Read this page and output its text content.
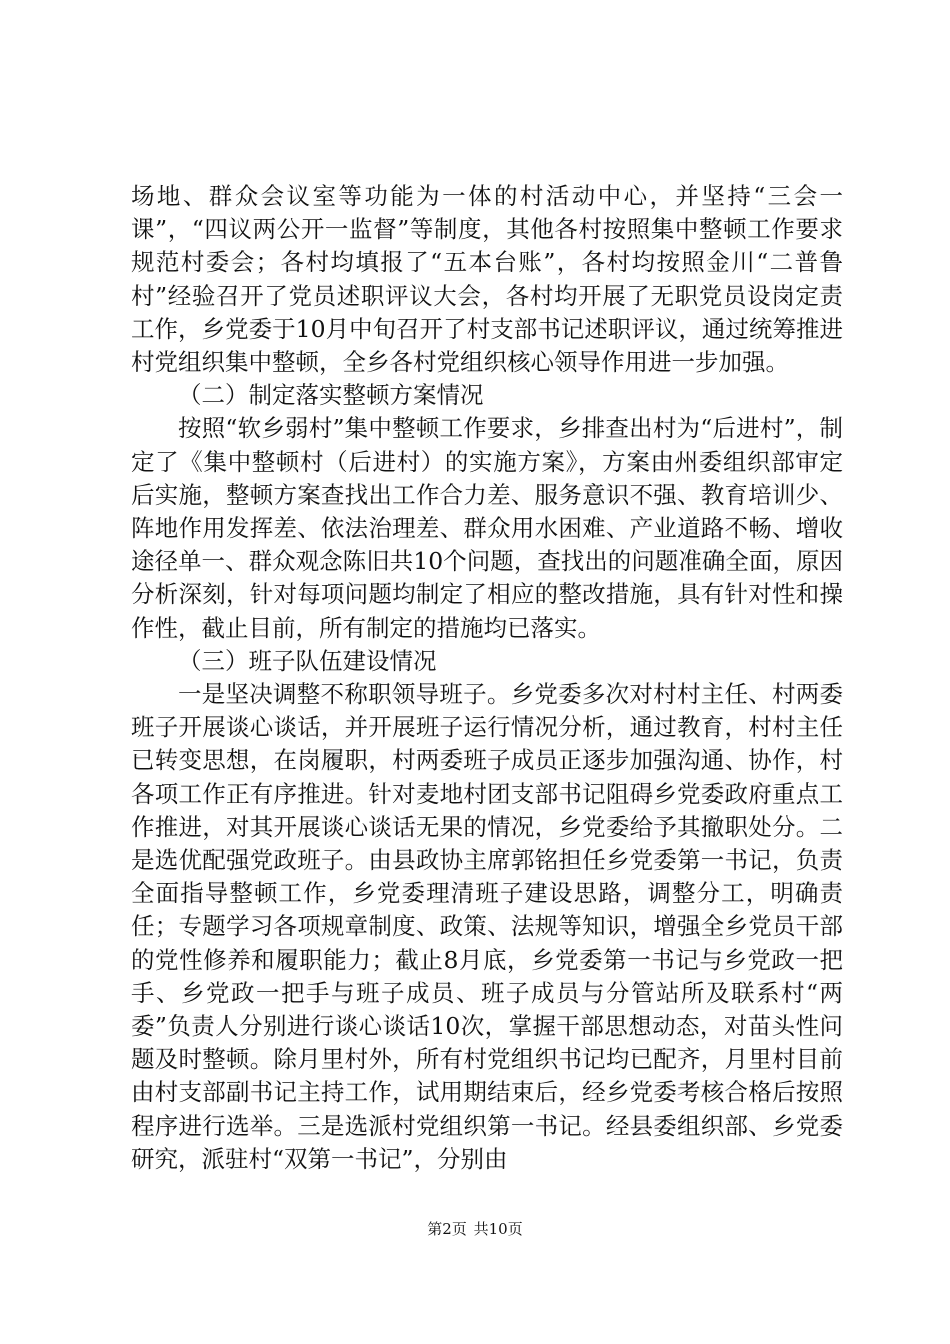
场地、群众会议室等功能为一体的村活动中心，并坚持“三会一课”，“四议两公开一监督”等制度，其他各村按照集中整顿工作要求规范村委会；各村均填报了“五本台账”，各村均按照金川“二普鲁村”经验召开了党员述职评议大会，各村均开展了无职党员设岗定责工作，乡党委于10月中旬召开了村支部书记述职评议，通过统筹推进村党组织集中整顿，全乡各村党组织核心领导作用进一步加强。

（二）制定落实整顿方案情况

按照“软乡弱村”集中整顿工作要求，乡排查出村为“后进村”，制定了《集中整顿村（后进村）的实施方案》，方案由州委组织部审定后实施，整顿方案查找出工作合力差、服务意识不强、教育培训少、阵地作用发挥差、依法治理差、群众用水困难、产业道路不畅、增收途径单一、群众观念陈旧共10个问题，查找出的问题准确全面，原因分析深刻，针对每项问题均制定了相应的整改措施，具有针对性和操作性，截止目前，所有制定的措施均已落实。

（三）班子队伍建设情况

一是坚决调整不称职领导班子。乡党委多次对村村主任、村两委班子开展谈心谈话，并开展班子运行情况分析，通过教育，村村主任已转变思想，在岗履职，村两委班子成员正逐步加强沟通、协作，村各项工作正有序推进。针对麦地村团支部书记阻碍乡党委政府重点工作推进，对其开展谈心谈话无果的情况，乡党委给予其撤职处分。二是选优配强党政班子。由县政协主席郭铭担任乡党委第一书记，负责全面指导整顿工作，乡党委理清班子建设思路，调整分工，明确责任；专题学习各项规章制度、政策、法规等知识，增强全乡党员干部的党性修养和履职能力；截止8月底，乡党委第一书记与乡党政一把手、乡党政一把手与班子成员、班子成员与分管站所及联系村“两委”负责人分别进行谈心谈话10次，掌握干部思想动态，对苗头性问题及时整顿。除月里村外，所有村党组织书记均已配齐，月里村目前由村支部副书记主持工作，试用期结束后，经乡党委考核合格后按照程序进行选举。三是选派村党组织第一书记。经县委组织部、乡党委研究，派驻村“双第一书记”，分别由

第2页 共10页
